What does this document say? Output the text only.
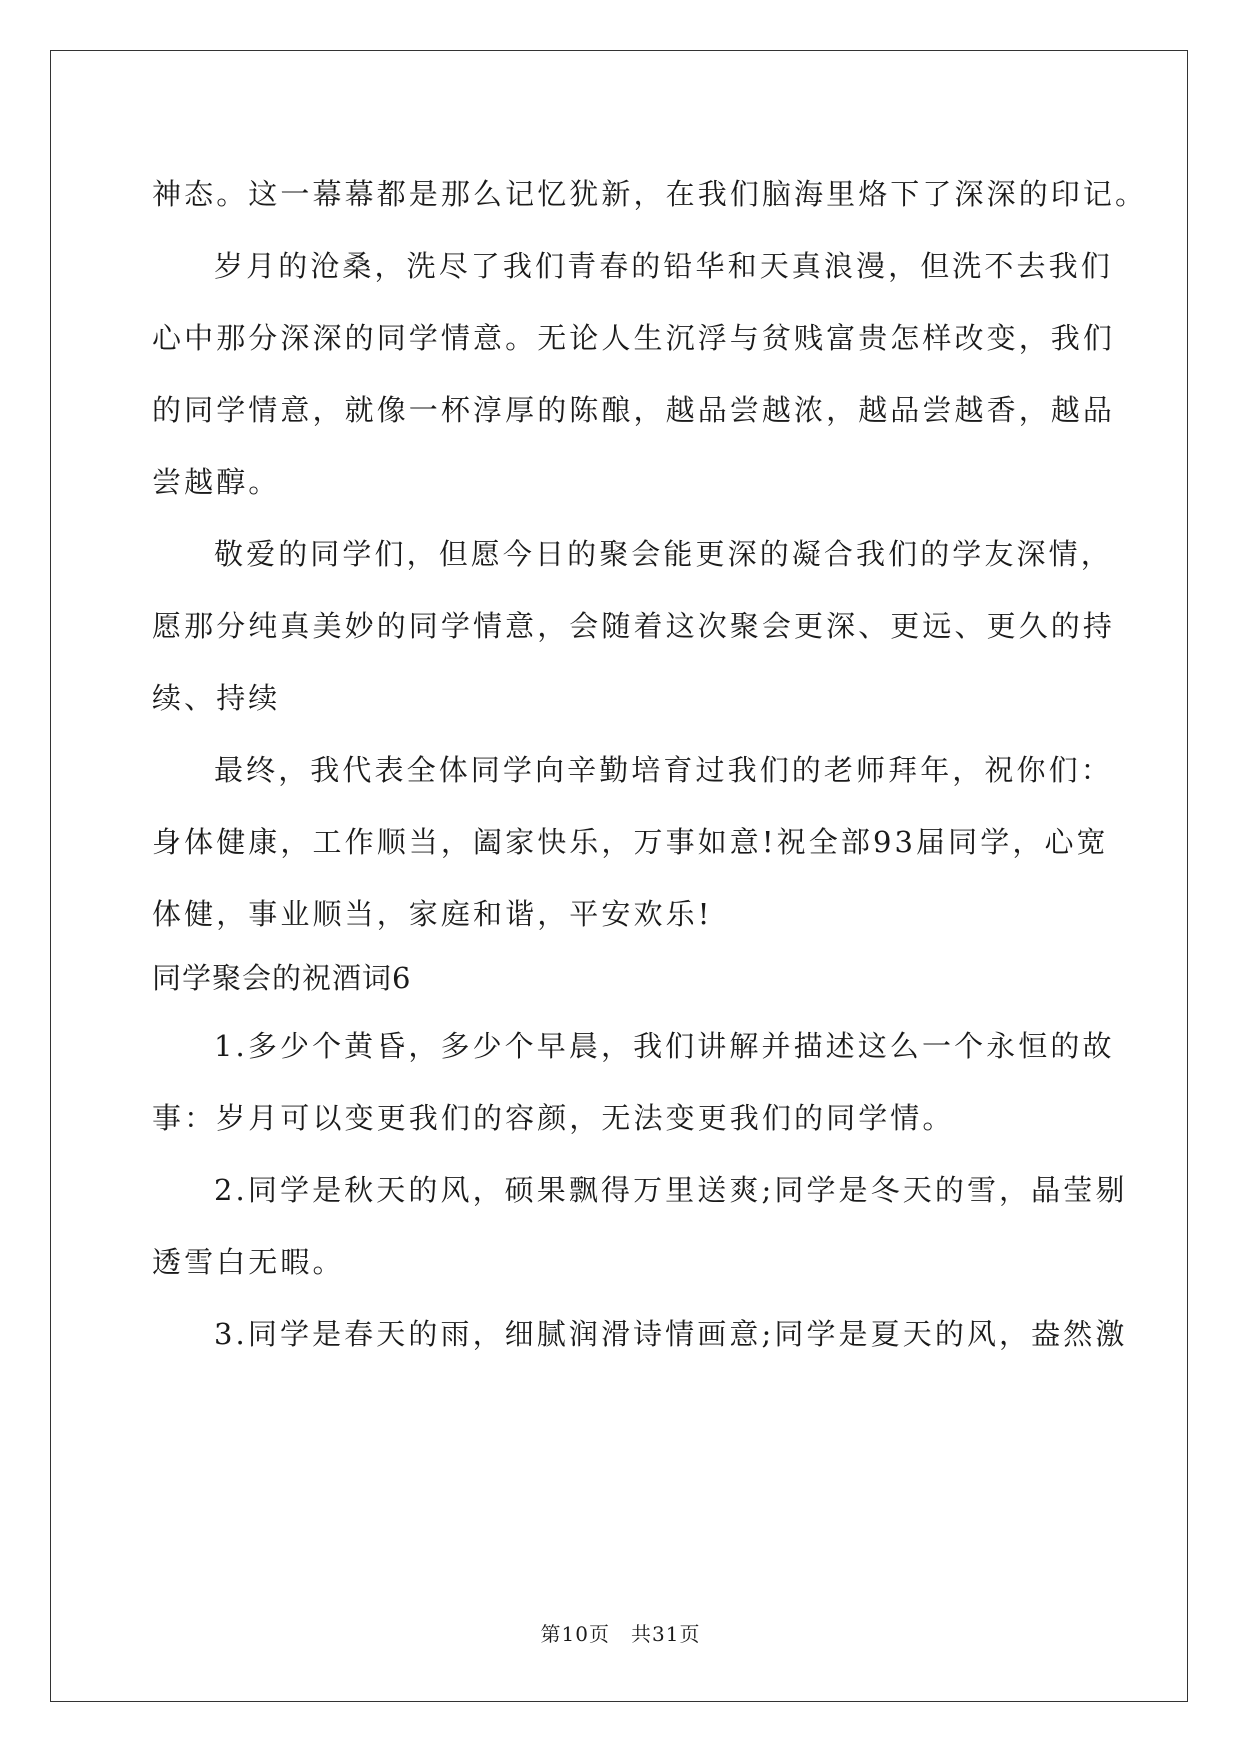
神态。这一幕幕都是那么记忆犹新，在我们脑海里烙下了深深的印记。
岁月的沧桑，洗尽了我们青春的铅华和天真浪漫，但洗不去我们
心中那分深深的同学情意。无论人生沉浮与贫贱富贵怎样改变，我们
的同学情意，就像一杯淳厚的陈酿，越品尝越浓，越品尝越香，越品
尝越醇。
敬爱的同学们，但愿今日的聚会能更深的凝合我们的学友深情，
愿那分纯真美妙的同学情意，会随着这次聚会更深、更远、更久的持
续、持续
最终，我代表全体同学向辛勤培育过我们的老师拜年，祝你们：
身体健康，工作顺当，阖家快乐，万事如意!祝全部93届同学，心宽
体健，事业顺当，家庭和谐，平安欢乐!
同学聚会的祝酒词6
1.多少个黄昏，多少个早晨，我们讲解并描述这么一个永恒的故
事：岁月可以变更我们的容颜，无法变更我们的同学情。
2.同学是秋天的风，硕果飘得万里送爽;同学是冬天的雪，晶莹剔
透雪白无暇。
3.同学是春天的雨，细腻润滑诗情画意;同学是夏天的风，盎然激
第10页　共31页
